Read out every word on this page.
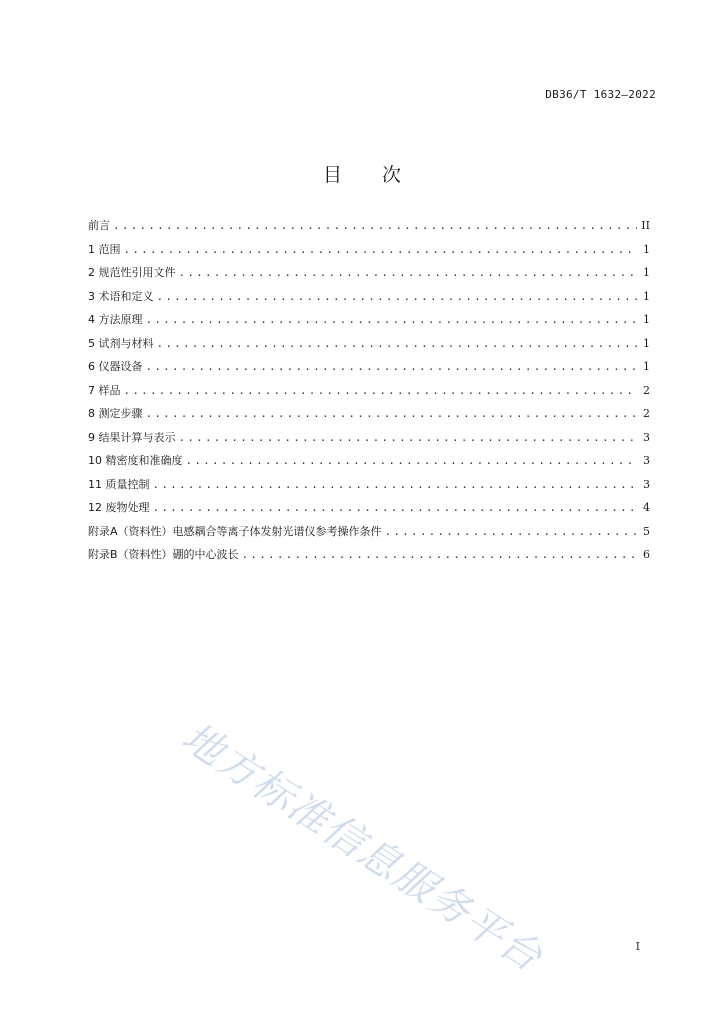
DB36/T 1632—2022
目次
前言 .....	II
1 范围 .....	1
2 规范性引用文件 .....	1
3 术语和定义 .....	1
4 方法原理 .....	1
5 试剂与材料 .....	1
6 仪器设备 .....	1
7 样品 .....	2
8 测定步骤 .....	2
9 结果计算与表示 .....	3
10 精密度和准确度 .....	3
11 质量控制 .....	3
12 废物处理 .....	4
附录A（资料性）电感耦合等离子体发射光谱仪参考操作条件 .....	5
附录B（资料性）硼的中心波长 .....	6
地方标准信息服务平台	I
